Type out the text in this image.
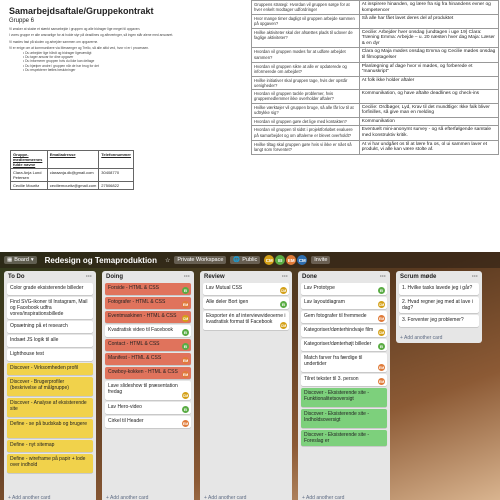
Samarbejdsaftale/Gruppekontrakt
Gruppe 6
Vi ønsker at skabe et stærkt samarbejde i gruppen og alle bidrager lige meget til opgaven.
I vores gruppe er alle ansvarlige for at holde styr på deadlines og afleveringer, så ingen står alene med ansvaret.
Vi mødes fast på skolen og arbejder sammen om opgaverne.
Vi er enige om at kommunikere via Messenger og Trello, så alle altid ved, hvor vi er i processen.
• Du arbejder lige hårdt og bidrager ligeværdigt
• Du tager ansvar for dine opgaver
• Du informerer gruppen hvis du ikke kan deltage
• Du hjælper andre i gruppen når de har brug for det
• Du respekterer fælles beslutninger
Gruppe-medlemmernes fulde navne	Emailadresse	Telefonnummer
Clara Anja Lund Petersen	claraanja.dk@gmail.com	30408770
Cecilie Mouritz	ceciliemouritz@gmail.com	27506822
Gruppens strategi: Hvordan vil gruppen sørge for at hver enkelt modtager udfordringer	At inspirere hinanden, og lære fra sig fra hinandens evner og kompetencer
Hvor mange timer dagligt vil gruppen arbejde sammen på opgaven?	Så alle har fået lavet deres del af produktet
Hvilke aktiviteter skal der afsættes plads til udover de faglige aktiviteter?	Cecilie: Arbejder hver onsdag (undtagen i uge 19) Clara: Træning Emma: Arbejde – u. 20 næsten hver dag Maja: Læser & en dyr
Hvordan vil gruppen mødes for at udføre arbejdet sammen?	Clara og Maja mødes onsdag Emma og Cecilie mødes onsdag til filmoptagelser
Hvordan vil gruppen sikre at alle er opdaterede og informerede om arbejdet?	Planlægning af dage hvor vi mødes, og forberede et "manuskript"
Hvilke initiativer skal gruppen tage, hvis der opstår uenigheder?	At folk ikke holder aftaler
Hvordan vil gruppen tackle problemer, hvis gruppemedlemmer ikke overholder aftaler?	Kommunikation, og have aftalte deadlines og check-ins
Hvilke værktøjer vil gruppen bruge, så alle får lov til at udtrykke sig?	Cecilie: Ordbøger, Lyd, Krav til det mundtlige: Ikke falk bliver forfinilles, så give man en melding
Hvordan vil gruppen gøre det lige med kontakten?	Kommunikation
Hvordan vil gruppen til sidst i projektforløbet evaluere på samarbejdet og om aftalerne er blevet overholdt?	Eventuelt mini-anonymt survey - og så efterfølgende samtale med konstruktiv kritik.
Hvilke tiltag skal gruppen gøre hvis vi ikke er nået så langt som forventet?	At vi har undgået os til at lære fra os, ol ui sammen laver et produkt, vi alle kan være stolte af.
▦ Board ▾	Redesign og Temaproduktion	☆	Private Workspace	🌐 Public	CM	EI	EM CM	Invite
To Do	···
Color grade eksisterende billeder
Find SVG-ikoner til Instagram, Mail og Facebook udfra vores/inspirationsbillede
Opsætning på et research
Indsæt JS logik til alle
Lighthouse test
Discover - Virksomheden profil
Discover - Brugerprofiler (beskrivelse af målgruppe)
Discover - Analyse af eksisterende site
Define - se på budskab og brugere
Define - nyt sitemap
Define - wireframe på papir + lode over indhold
+ Add another card
Doing	···
Forside - HTML & CSS	EI
Fotografer - HTML & CSS	EM
Eventmaskinen - HTML & CSS CM
Kvadratisk video til Facebook	EI
Contact - HTML & CSS	EI
Manifest - HTML & CSS	EM
Cowboy-kokken - HTML & CSS EM
Lave slideshow til præsentation fredag
CM
Lav Hero-video	EI
Cirkel til Header	EM
+ Add another card
Review	···
Lav Mutual CSS	CM
Alle deler Bort igen	EI
Eksporter én af interviewvideoerne i kvadratisk format til Facebook
CM
+ Add another card
Done	···
Lav Prototype	EI
Lav layoutdiagram	CM
Gem fotografer til fremmede	EM
Kategoriser/dønterhindvaje film CM
Kategoriser/dønterhøjt billeder	EI
Match farver fra færdige til undertider
EM
Tilret tekster til 3. person	EM
Discover - Eksisterende site - Funktionalitetsoversigt
Discover - Eksisterende site - Indholdsoversigt
Discover - Eksisterende site - Foreslag er
+ Add another card
Scrum møde	···
1. Hvilke tasks lavede jeg i går?
2. Hvad regner jeg med at lave i dag?
3. Forventer jeg problemer?
+ Add another card
